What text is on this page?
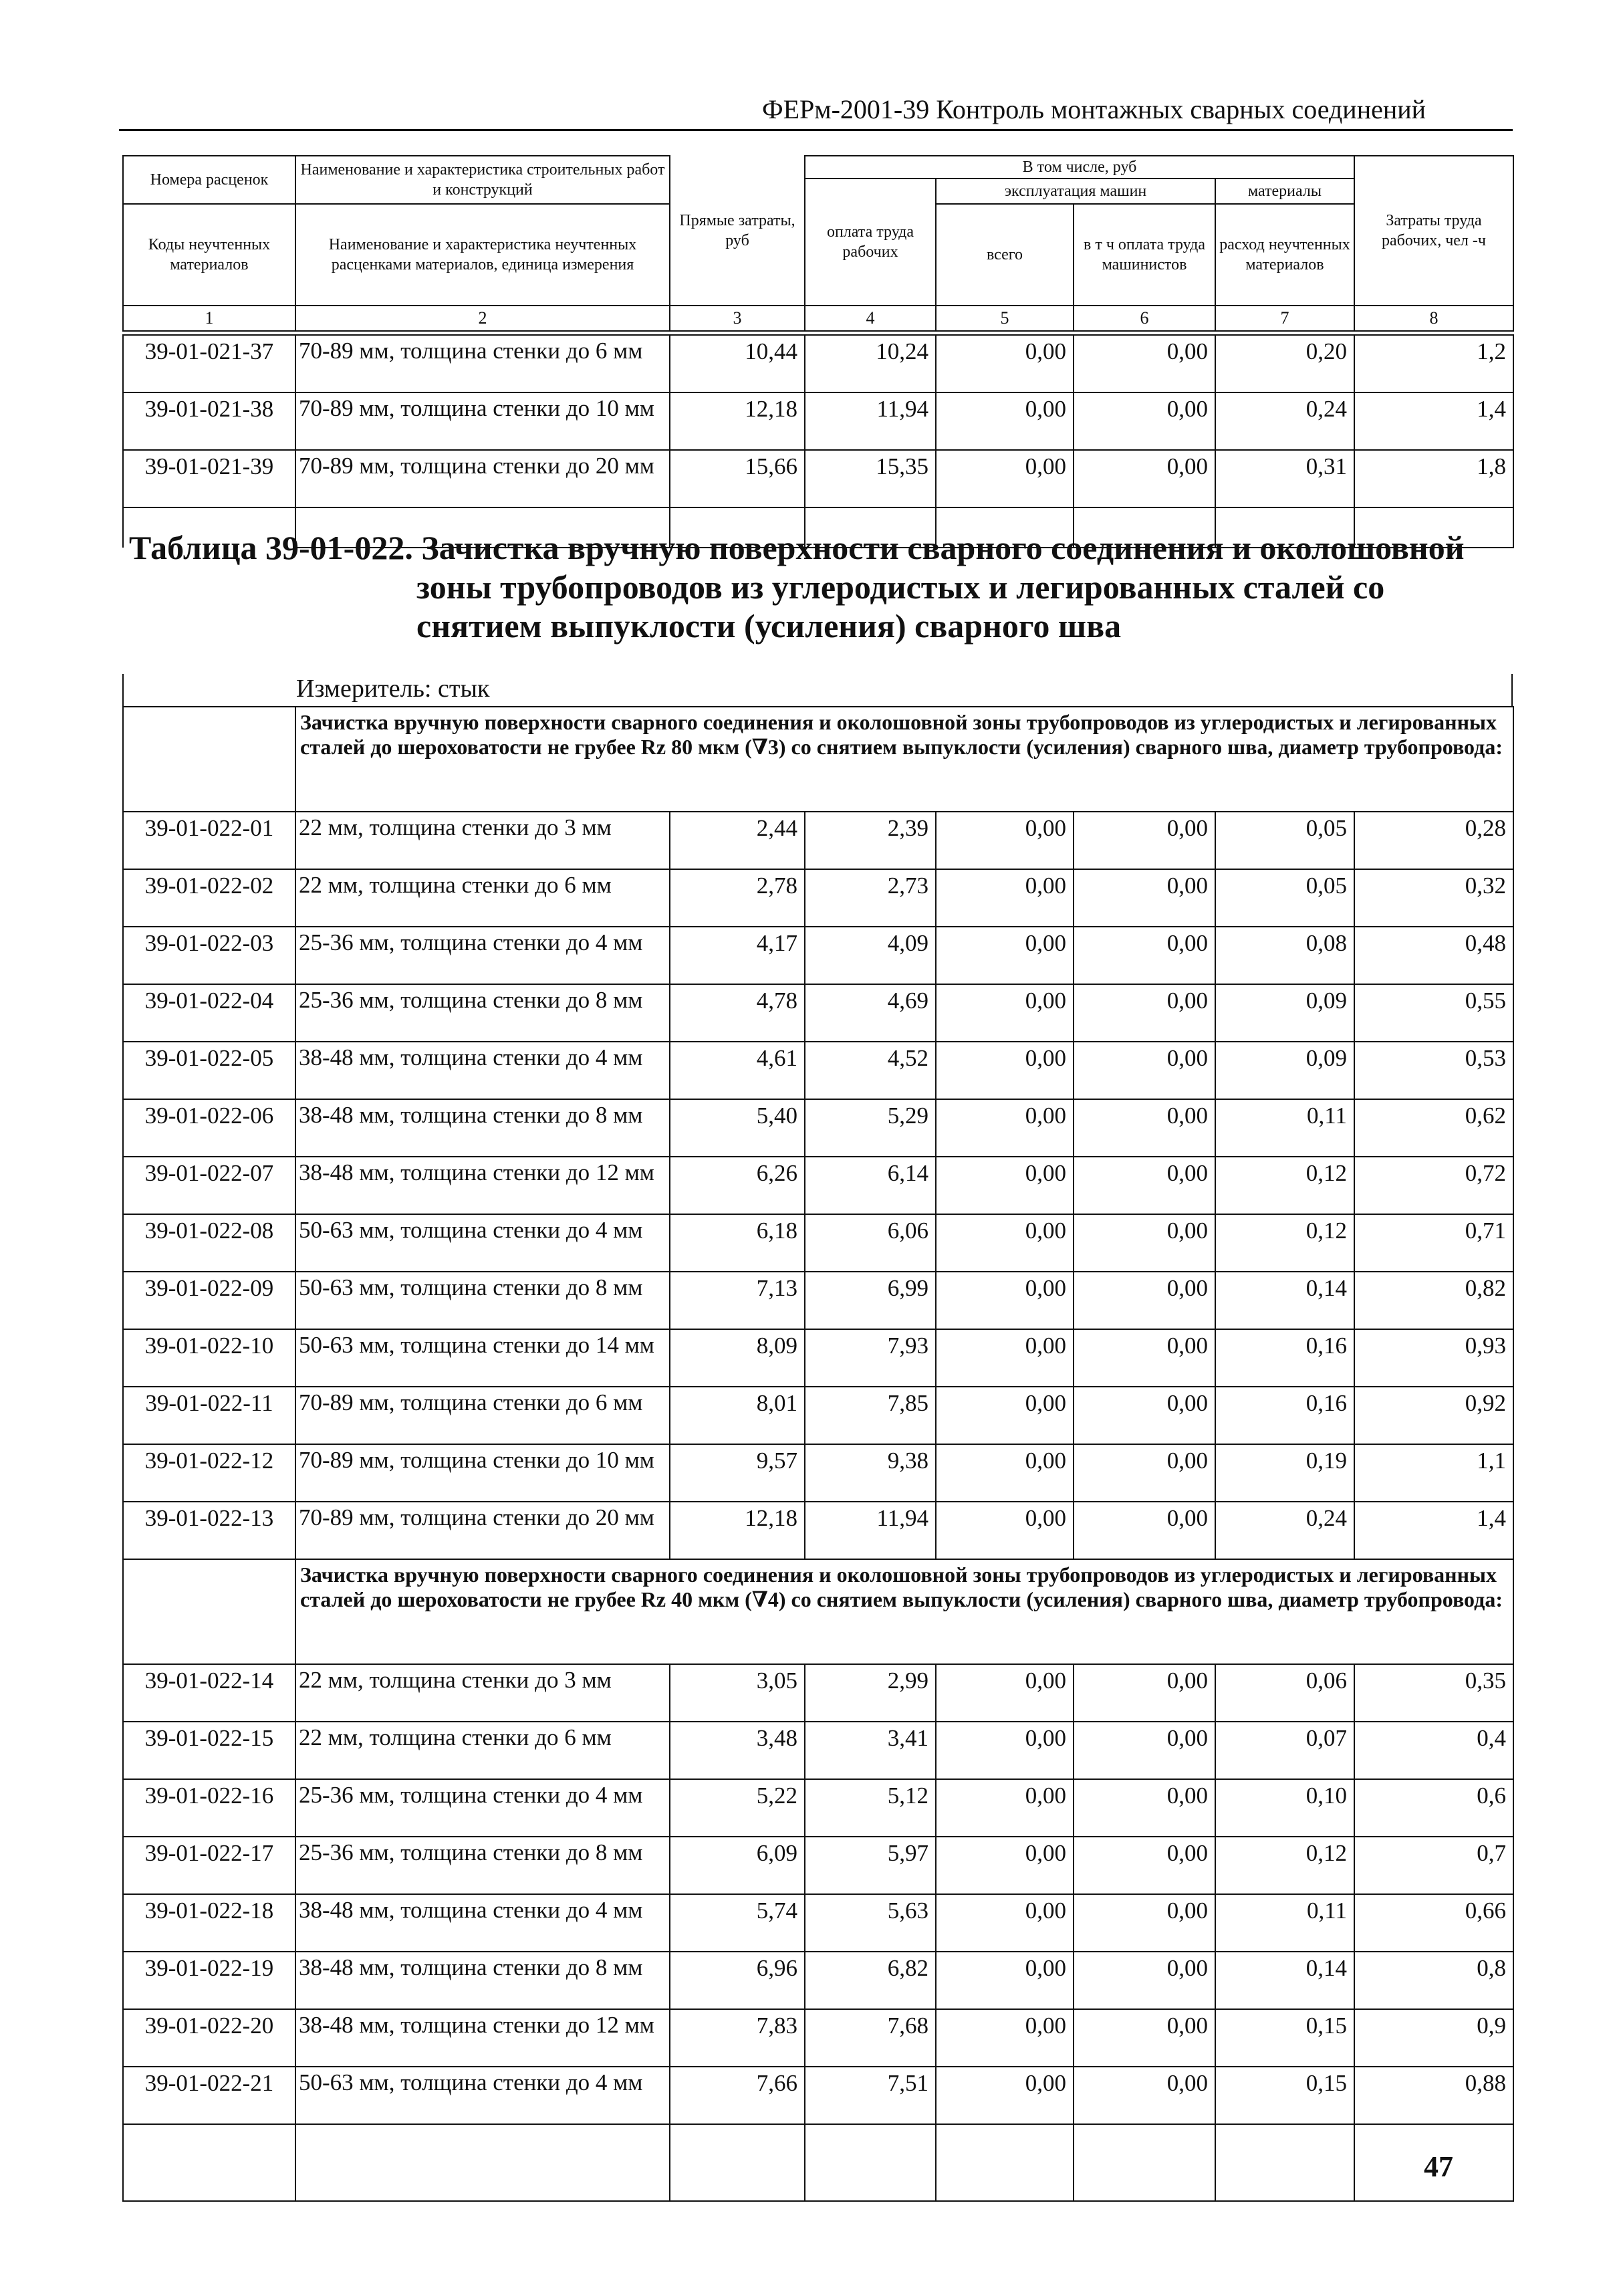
ФЕРм-2001-39 Контроль монтажных сварных соединений
Номера расценок	Наименование и характеристика строительных работ и конструкций	Прямые затраты, руб	В том числе, руб				Затраты труда рабочих, чел -ч
			оплата труда рабочих	эксплуатация машин		материалы	
Коды неучтенных материалов	Наименование и характеристика неучтенных расценками материалов, единица измерения			всего	в т ч оплата труда машинистов	расход неучтенных материалов	

1	2	3	4	5	6	7	8
39-01-021-37	70-89 мм, толщина стенки до 6 мм	10,44	10,24	0,00	0,00	0,20	1,2
39-01-021-38	70-89 мм, толщина стенки до 10 мм	12,18	11,94	0,00	0,00	0,24	1,4
39-01-021-39	70-89 мм, толщина стенки до 20 мм	15,66	15,35	0,00	0,00	0,31	1,8

Таблица 39-01-022. Зачистка вручную поверхности сварного соединения и околошовной
зоны трубопроводов из углеродистых и легированных сталей со
снятием выпуклости (усиления) сварного шва
Измеритель: стык
	Зачистка вручную поверхности сварного соединения и околошовной зоны трубопроводов из углеродистых и легированных сталей до шероховатости не грубее Rz 80 мкм (∇3) со снятием выпуклости (усиления) сварного шва, диаметр трубопровода:						
39-01-022-01	22 мм, толщина стенки до 3 мм	2,44	2,39	0,00	0,00	0,05	0,28
39-01-022-02	22 мм, толщина стенки до 6 мм	2,78	2,73	0,00	0,00	0,05	0,32
39-01-022-03	25-36 мм, толщина стенки до 4 мм	4,17	4,09	0,00	0,00	0,08	0,48
39-01-022-04	25-36 мм, толщина стенки до 8 мм	4,78	4,69	0,00	0,00	0,09	0,55
39-01-022-05	38-48 мм, толщина стенки до 4 мм	4,61	4,52	0,00	0,00	0,09	0,53
39-01-022-06	38-48 мм, толщина стенки до 8 мм	5,40	5,29	0,00	0,00	0,11	0,62
39-01-022-07	38-48 мм, толщина стенки до 12 мм	6,26	6,14	0,00	0,00	0,12	0,72
39-01-022-08	50-63 мм, толщина стенки до 4 мм	6,18	6,06	0,00	0,00	0,12	0,71
39-01-022-09	50-63 мм, толщина стенки до 8 мм	7,13	6,99	0,00	0,00	0,14	0,82
39-01-022-10	50-63 мм, толщина стенки до 14 мм	8,09	7,93	0,00	0,00	0,16	0,93
39-01-022-11	70-89 мм, толщина стенки до 6 мм	8,01	7,85	0,00	0,00	0,16	0,92
39-01-022-12	70-89 мм, толщина стенки до 10 мм	9,57	9,38	0,00	0,00	0,19	1,1
39-01-022-13	70-89 мм, толщина стенки до 20 мм	12,18	11,94	0,00	0,00	0,24	1,4
	Зачистка вручную поверхности сварного соединения и околошовной зоны трубопроводов из углеродистых и легированных сталей до шероховатости не грубее Rz 40 мкм (∇4) со снятием выпуклости (усиления) сварного шва, диаметр трубопровода:						
39-01-022-14	22 мм, толщина стенки до 3 мм	3,05	2,99	0,00	0,00	0,06	0,35
39-01-022-15	22 мм, толщина стенки до 6 мм	3,48	3,41	0,00	0,00	0,07	0,4
39-01-022-16	25-36 мм, толщина стенки до 4 мм	5,22	5,12	0,00	0,00	0,10	0,6
39-01-022-17	25-36 мм, толщина стенки до 8 мм	6,09	5,97	0,00	0,00	0,12	0,7
39-01-022-18	38-48 мм, толщина стенки до 4 мм	5,74	5,63	0,00	0,00	0,11	0,66
39-01-022-19	38-48 мм, толщина стенки до 8 мм	6,96	6,82	0,00	0,00	0,14	0,8
39-01-022-20	38-48 мм, толщина стенки до 12 мм	7,83	7,68	0,00	0,00	0,15	0,9
39-01-022-21	50-63 мм, толщина стенки до 4 мм	7,66	7,51	0,00	0,00	0,15	0,88

47
